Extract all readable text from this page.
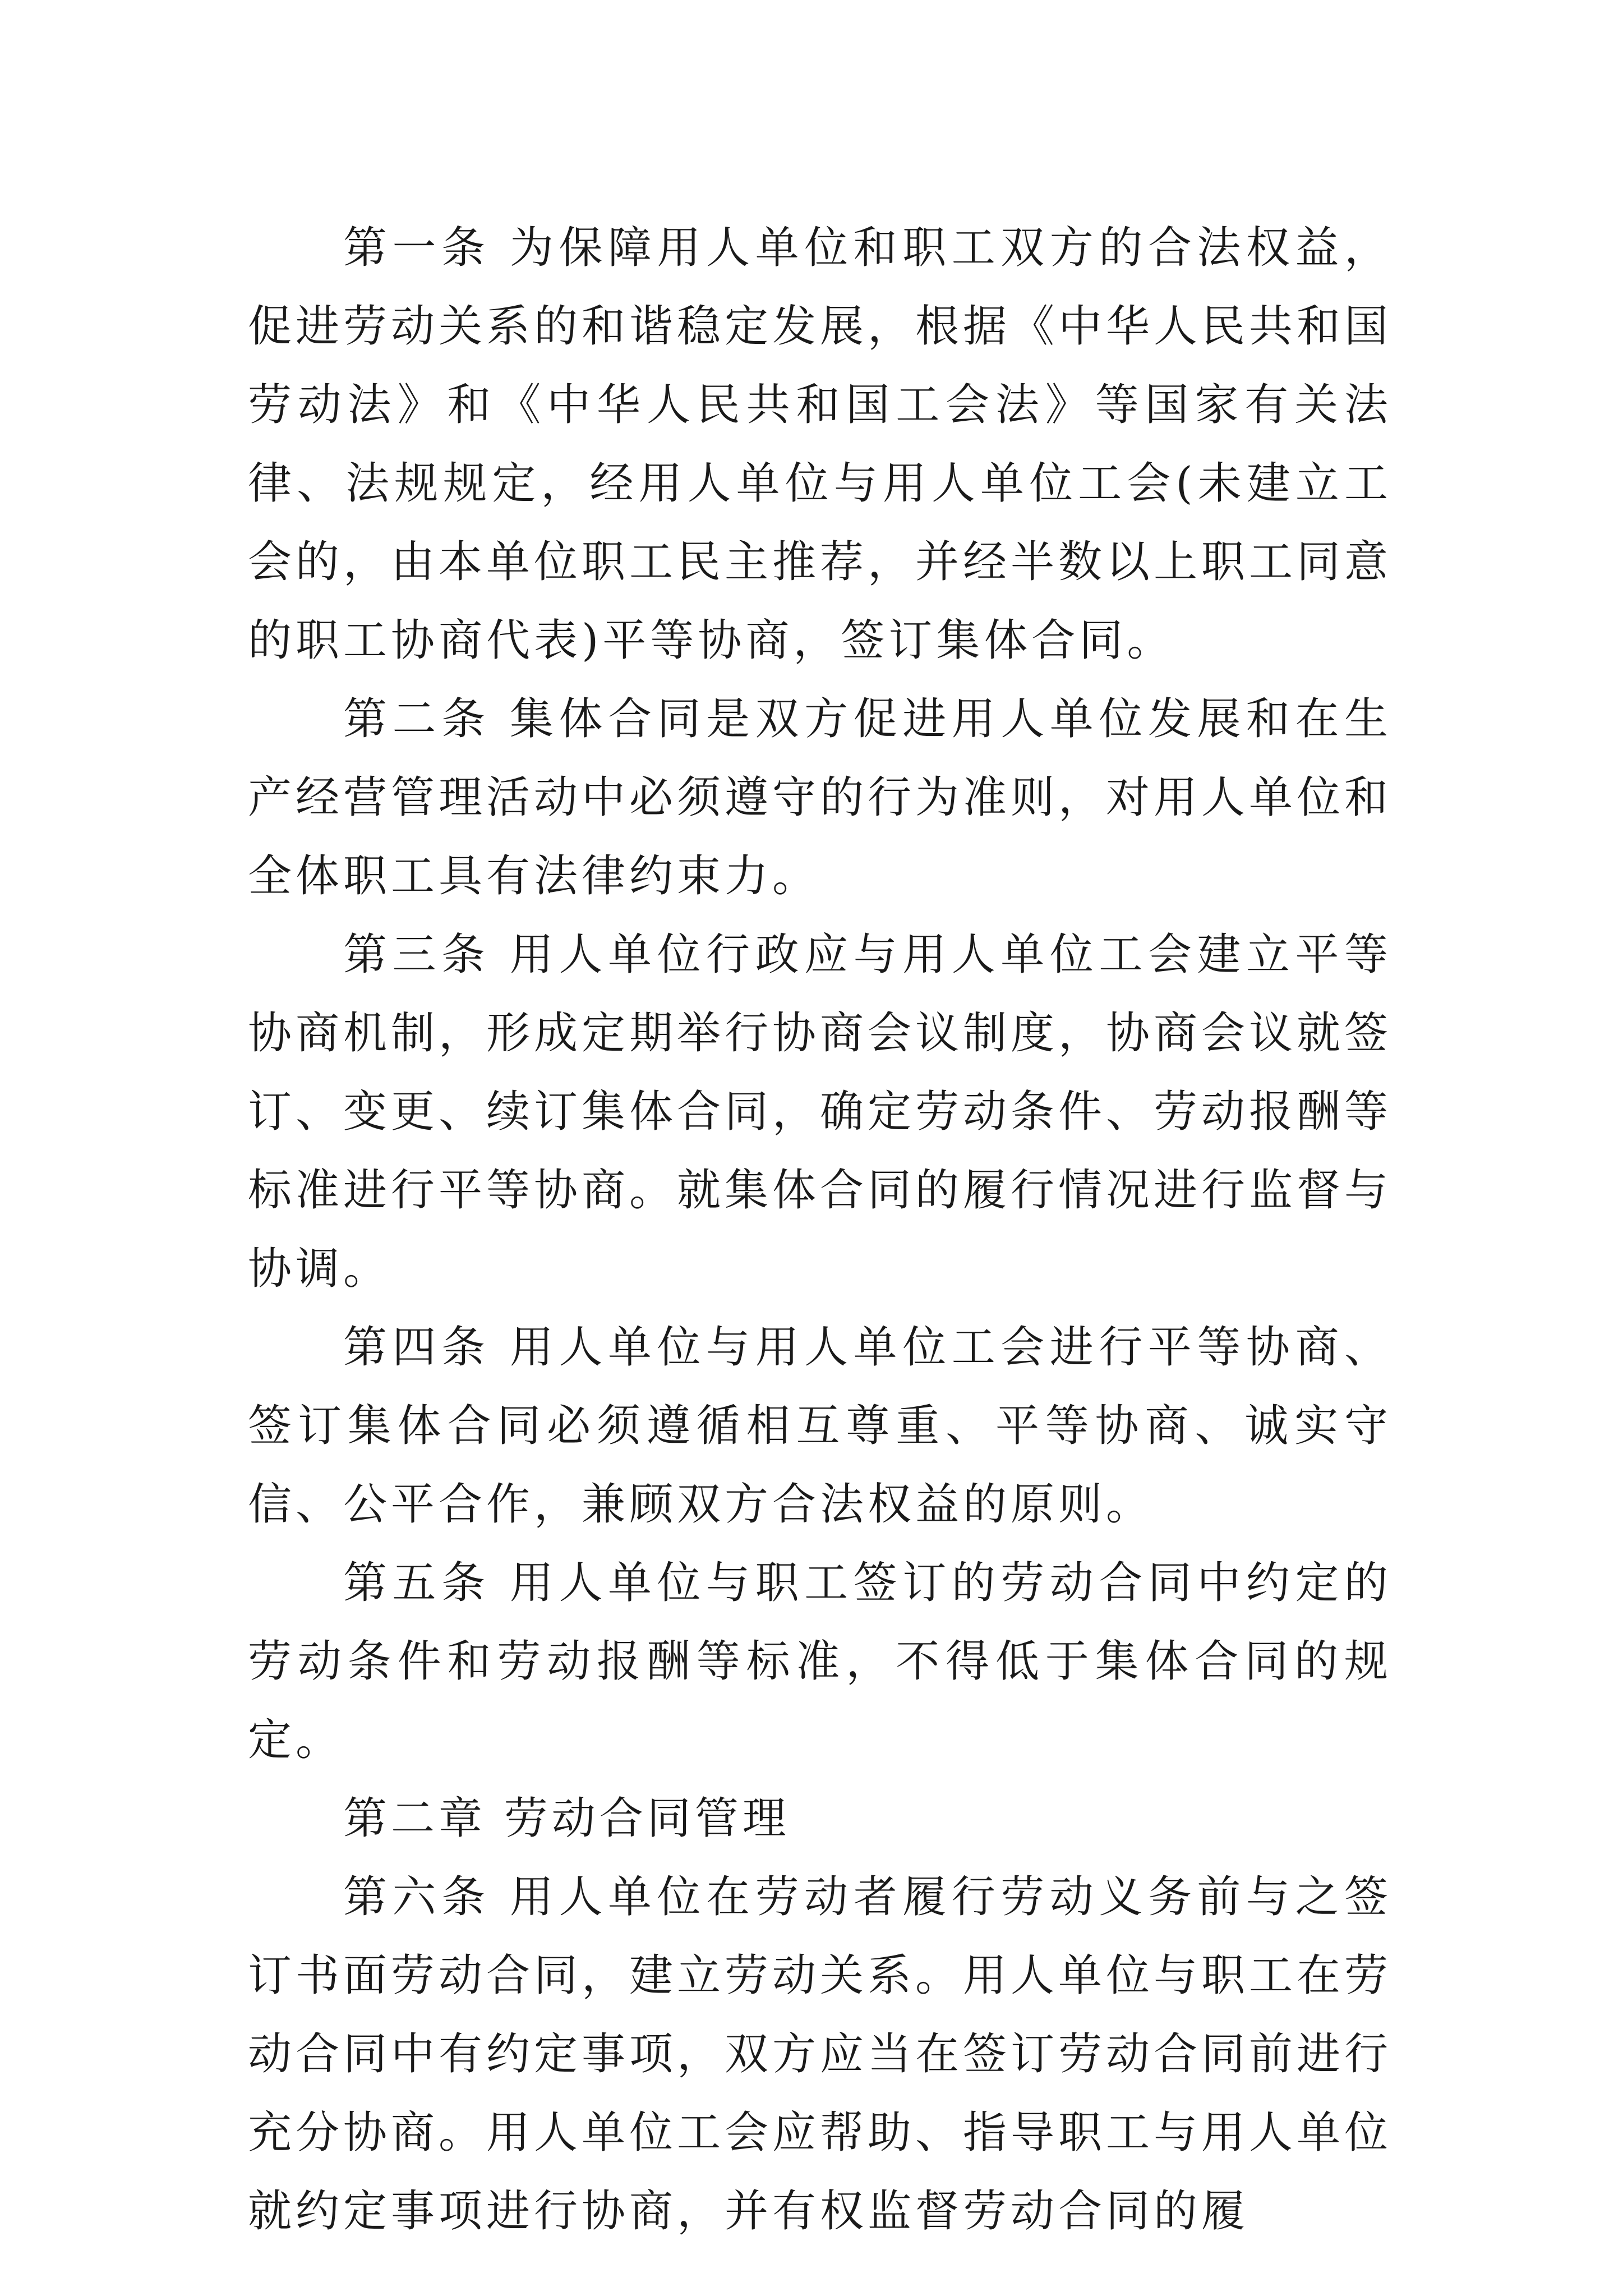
第一条 为保障用人单位和职工双方的合法权益，促进劳动关系的和谐稳定发展，根据《中华人民共和国劳动法》和《中华人民共和国工会法》等国家有关法律、法规规定，经用人单位与用人单位工会(未建立工会的，由本单位职工民主推荐，并经半数以上职工同意的职工协商代表)平等协商，签订集体合同。

第二条 集体合同是双方促进用人单位发展和在生产经营管理活动中必须遵守的行为准则，对用人单位和全体职工具有法律约束力。

第三条 用人单位行政应与用人单位工会建立平等协商机制，形成定期举行协商会议制度，协商会议就签订、变更、续订集体合同，确定劳动条件、劳动报酬等标准进行平等协商。就集体合同的履行情况进行监督与协调。

第四条 用人单位与用人单位工会进行平等协商、签订集体合同必须遵循相互尊重、平等协商、诚实守信、公平合作，兼顾双方合法权益的原则。

第五条 用人单位与职工签订的劳动合同中约定的劳动条件和劳动报酬等标准，不得低于集体合同的规定。

第二章 劳动合同管理

第六条 用人单位在劳动者履行劳动义务前与之签订书面劳动合同，建立劳动关系。用人单位与职工在劳动合同中有约定事项，双方应当在签订劳动合同前进行充分协商。用人单位工会应帮助、指导职工与用人单位就约定事项进行协商，并有权监督劳动合同的履
